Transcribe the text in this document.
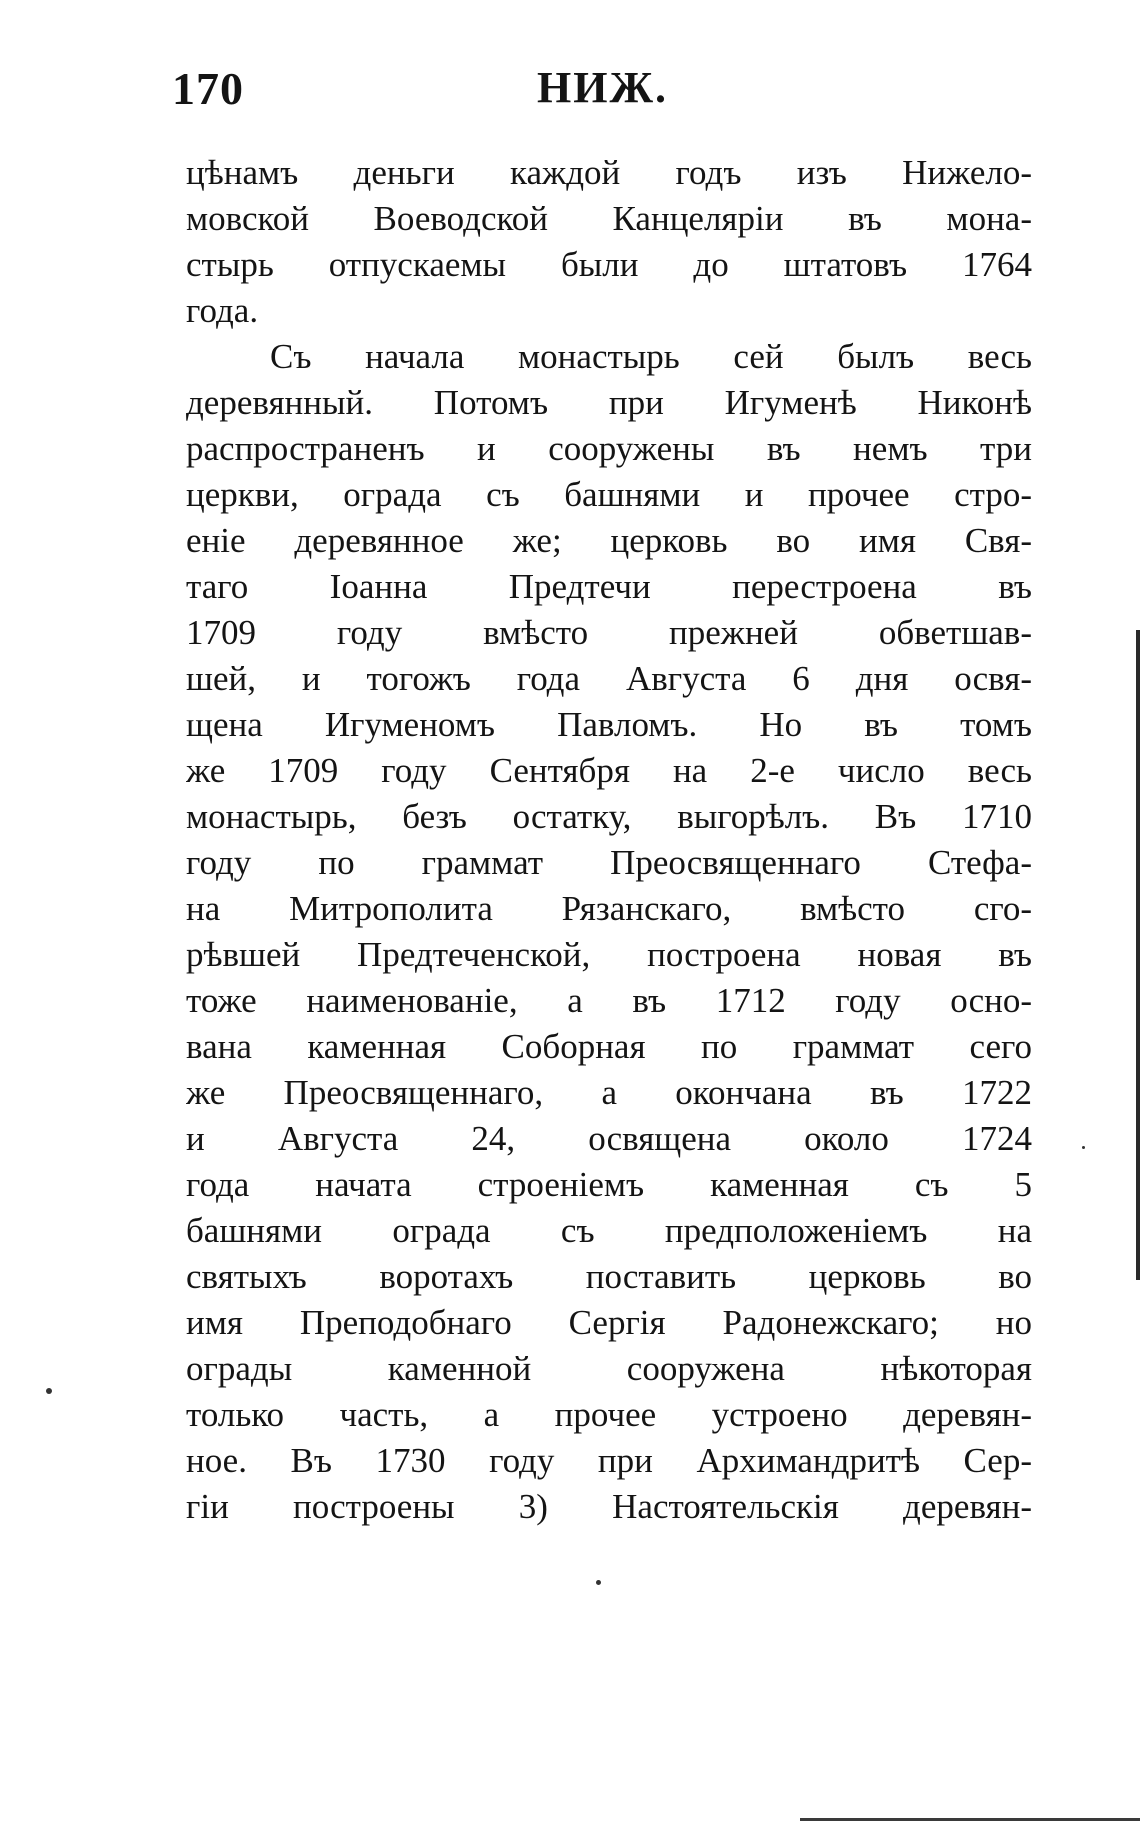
170	НИЖ.
цѣнамъ деньги каждой годъ изъ Нижело-
мовской Воеводской Канцеляріи въ мона-
стырь отпускаемы были до штатовъ 1764
года.
Съ начала монастырь сей былъ весь
деревянный. Потомъ при Игуменѣ Никонѣ
распространенъ и сооружены въ немъ три
церкви, ограда съ башнями и прочее стро-
еніе деревянное же; церковь во имя Свя-
таго Іоанна Предтечи перестроена въ
1709 году вмѣсто прежней обветшав-
шей, и тогожъ года Августа 6 дня освя-
щена Игуменомъ Павломъ. Но въ томъ
же 1709 году Сентября на 2-е число весь
монастырь, безъ остатку, выгорѣлъ. Въ 1710
году по граммат Преосвященнаго Стефа-
на Митрополита Рязанскаго, вмѣсто сго-
рѣвшей Предтеченской, построена новая въ
тоже наименованіе, а въ 1712 году осно-
вана каменная Соборная по граммат сего
же Преосвященнаго, а окончана въ 1722
и Августа 24, освящена около 1724
года начата строеніемъ каменная съ 5
башнями ограда съ предположеніемъ на
святыхъ воротахъ поставить церковь во
имя Преподобнаго Сергія Радонежскаго; но
ограды каменной сооружена нѣкоторая
только часть, а прочее устроено деревян-
ное. Въ 1730 году при Архимандритѣ Сер-
гіи построены 3) Настоятельскія деревян-
